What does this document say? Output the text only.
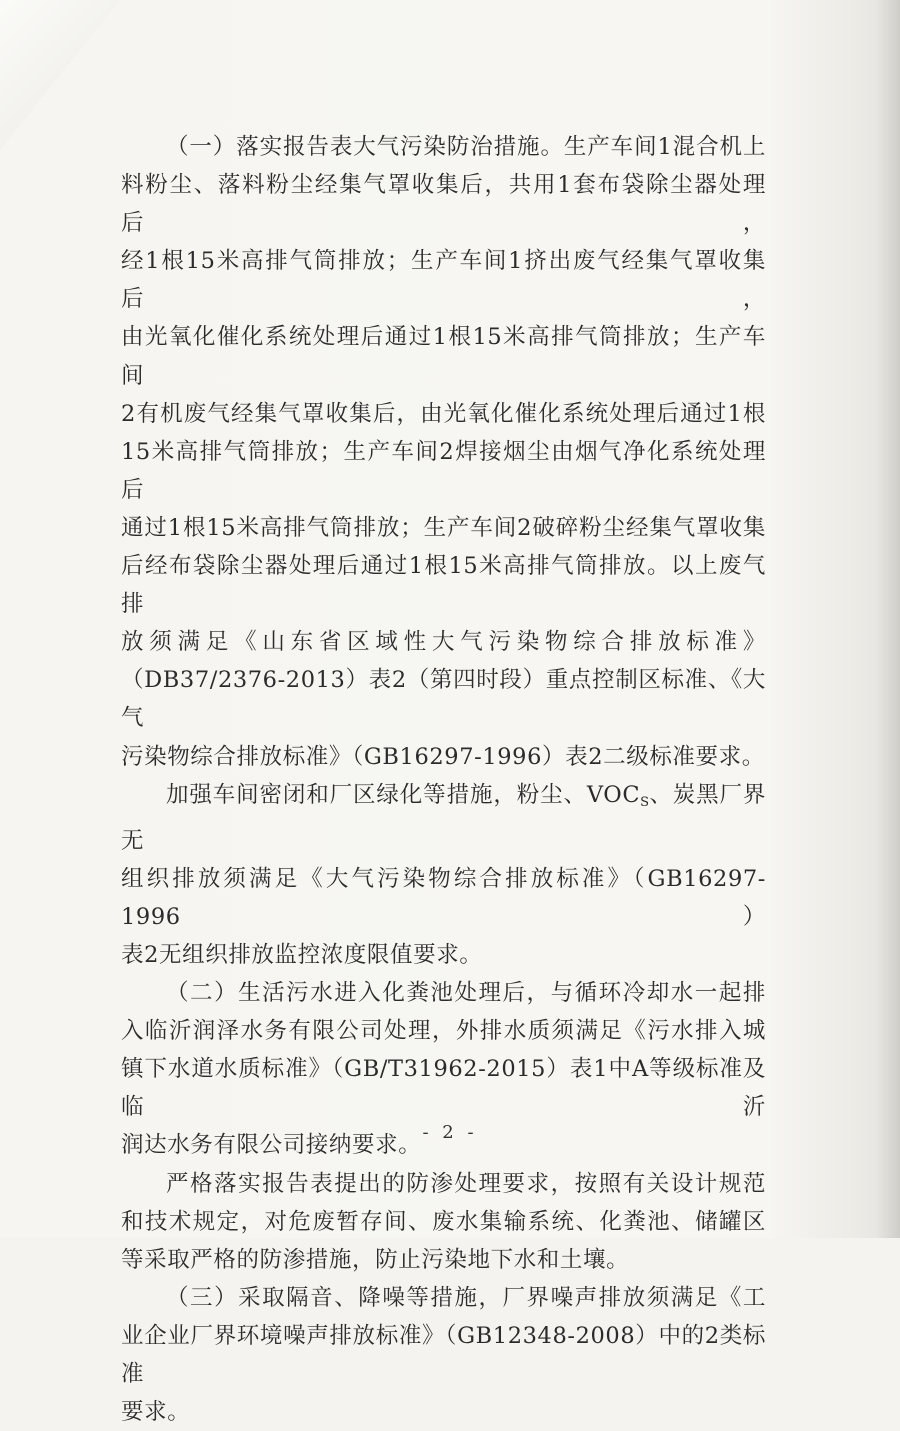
（一）落实报告表大气污染防治措施。生产车间1混合机上

料粉尘、落料粉尘经集气罩收集后，共用1套布袋除尘器处理后，

经1根15米高排气筒排放；生产车间1挤出废气经集气罩收集后，

由光氧化催化系统处理后通过1根15米高排气筒排放；生产车间

2有机废气经集气罩收集后，由光氧化催化系统处理后通过1根

15米高排气筒排放；生产车间2焊接烟尘由烟气净化系统处理后

通过1根15米高排气筒排放；生产车间2破碎粉尘经集气罩收集

后经布袋除尘器处理后通过1根15米高排气筒排放。以上废气排

放须满足《山东省区域性大气污染物综合排放标准》

（DB37/2376-2013）表2（第四时段）重点控制区标准、《大气

污染物综合排放标准》（GB16297-1996）表2二级标准要求。

加强车间密闭和厂区绿化等措施，粉尘、$VOC_S$、炭黑厂界无

组织排放须满足《大气污染物综合排放标准》（GB16297-1996）

表2无组织排放监控浓度限值要求。

（二）生活污水进入化粪池处理后，与循环冷却水一起排

入临沂润泽水务有限公司处理，外排水质须满足《污水排入城

镇下水道水质标准》（GB/T31962-2015）表1中A等级标准及临沂

润达水务有限公司接纳要求。

严格落实报告表提出的防渗处理要求，按照有关设计规范

和技术规定，对危废暂存间、废水集输系统、化粪池、储罐区

等采取严格的防渗措施，防止污染地下水和土壤。

（三）采取隔音、降噪等措施，厂界噪声排放须满足《工

业企业厂界环境噪声排放标准》（GB12348-2008）中的2类标准

要求。

- 2 -
